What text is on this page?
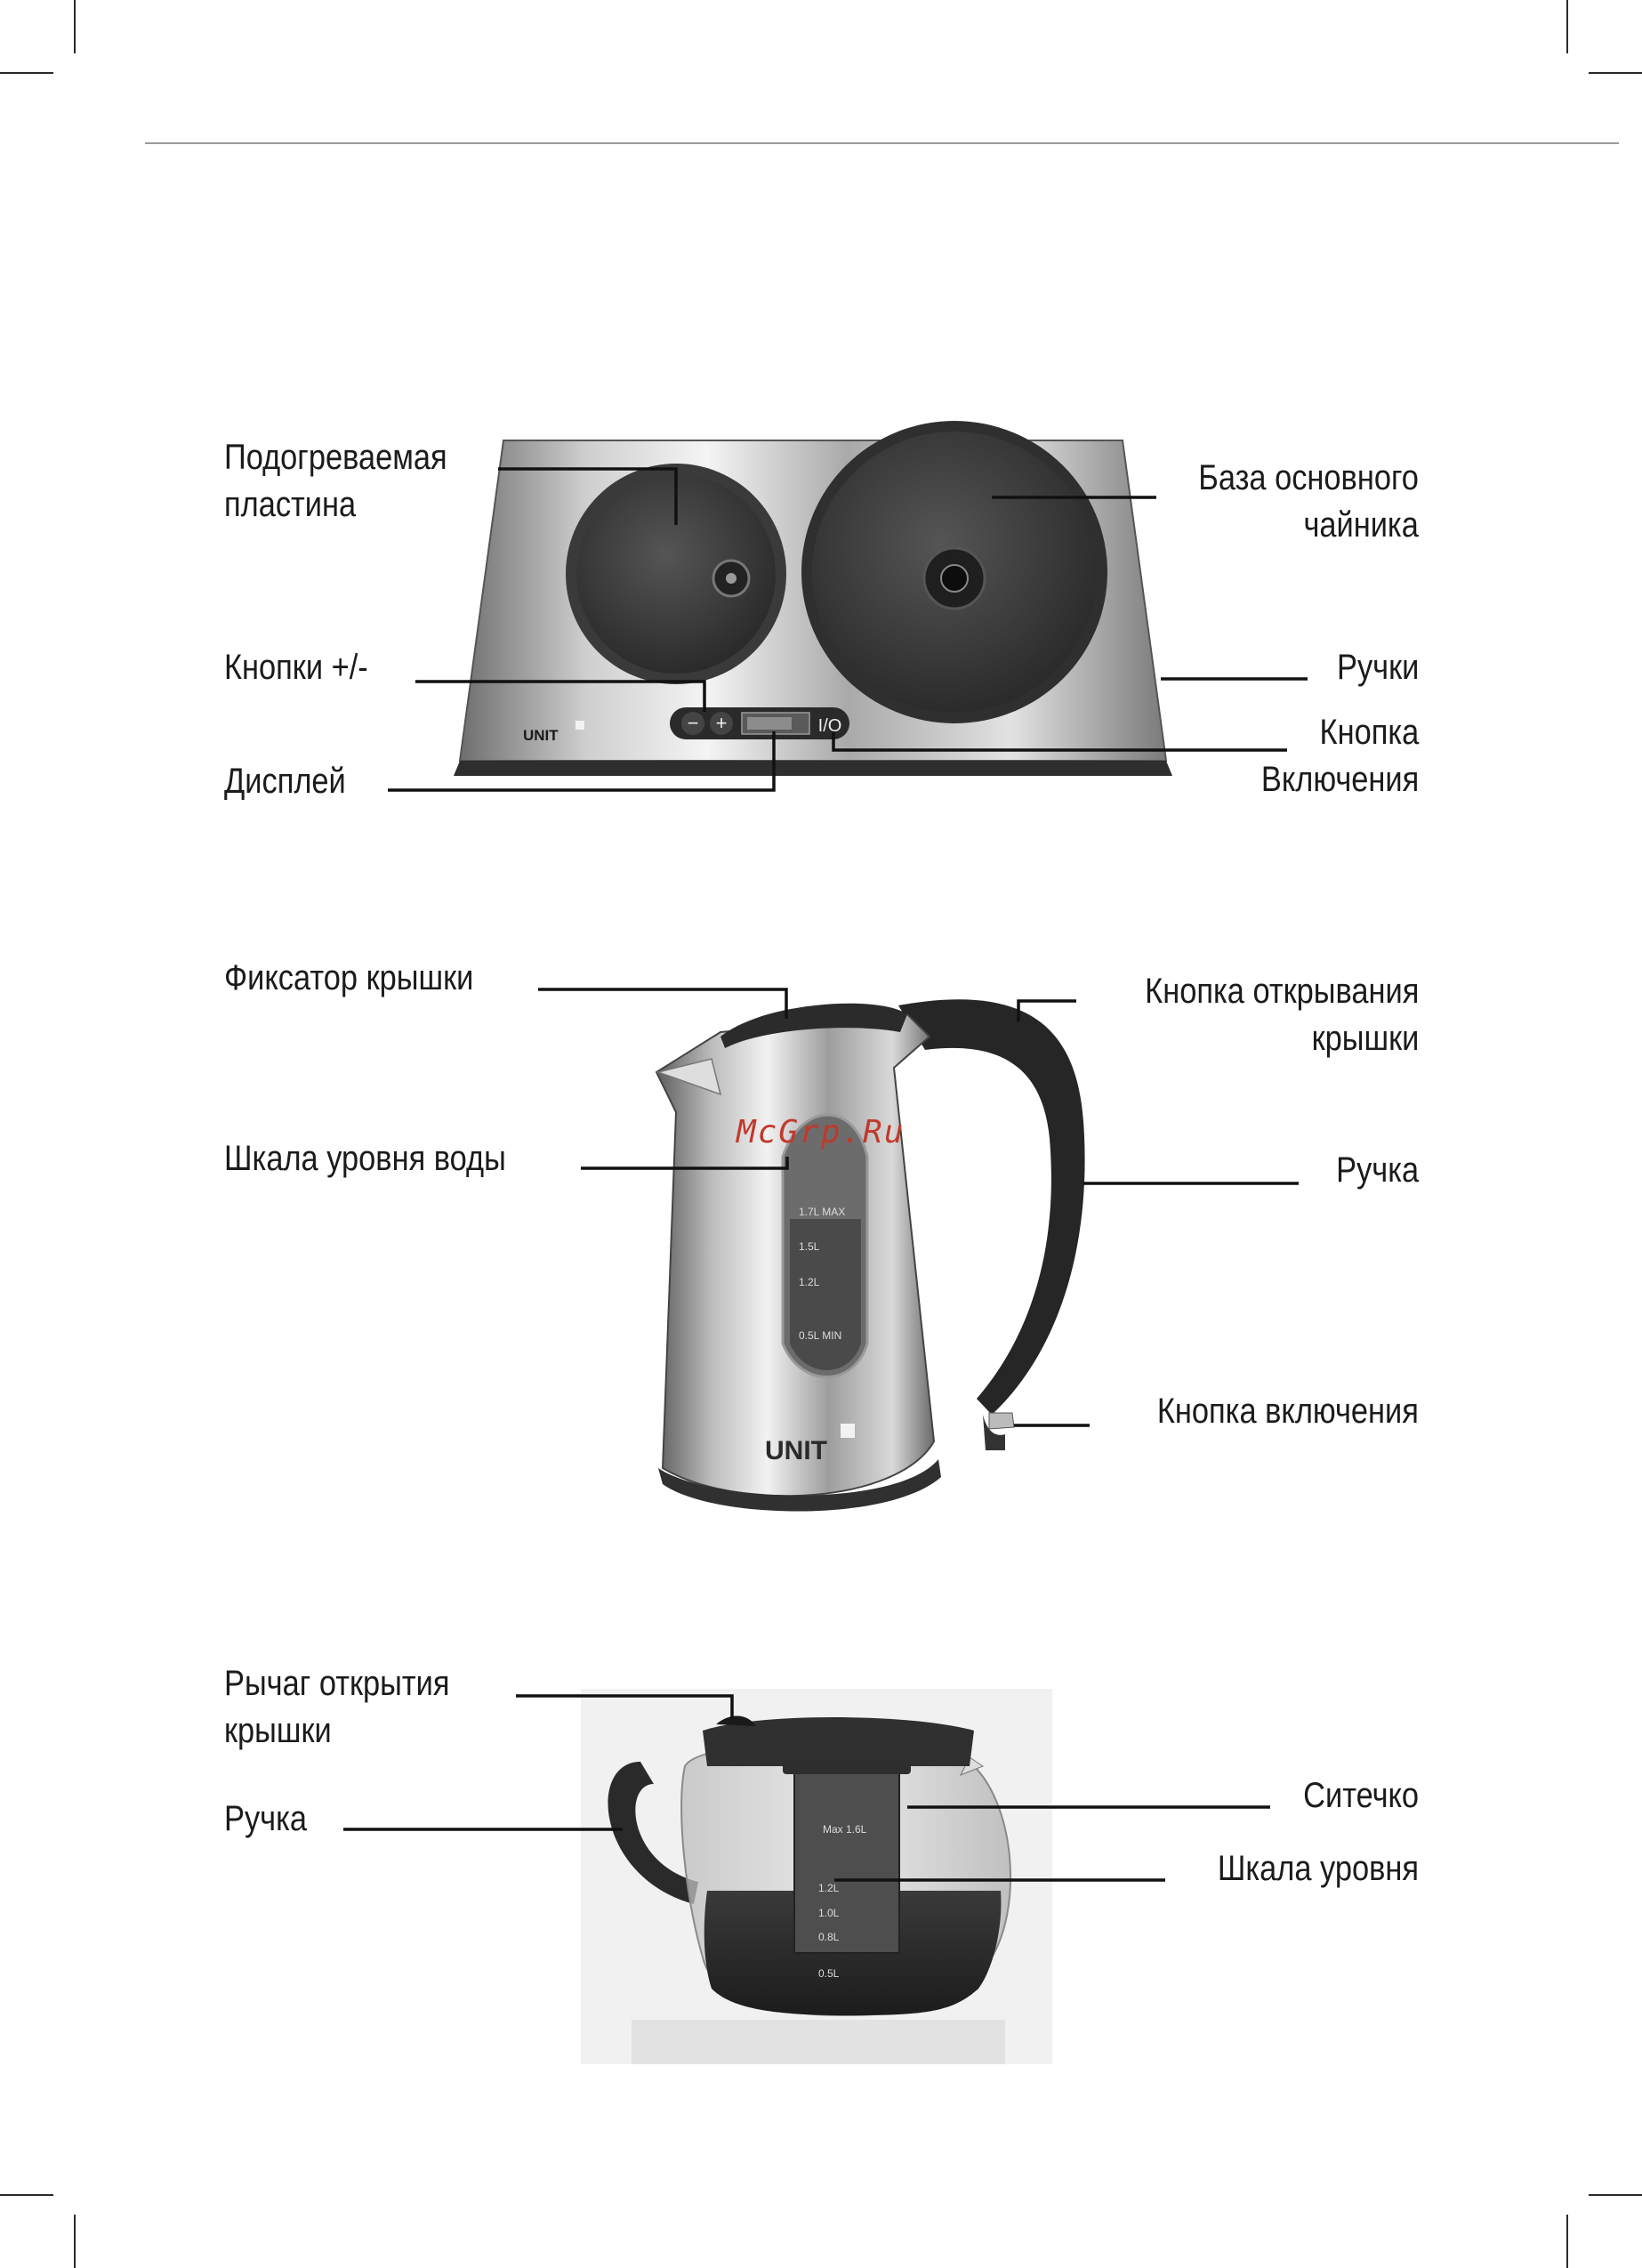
− +	I/O
1.7L MAX
1.5L
1.2L
0.5L MIN
UNIT
Max 1.6L
1.2L
1.0L
0.8L
0.5L
UNIT
Подогреваемая
пластина
База основного
чайника
Кнопки +/-	Ручки
Кнопка
Включения
Дисплей
Фиксатор крышки	Кнопка открывания
крышки
Шкала уровня воды	Ручка
Кнопка включения
McGrp.Ru
Рычаг открытия
крышки
Ситечко
Ручка
Шкала уровня
